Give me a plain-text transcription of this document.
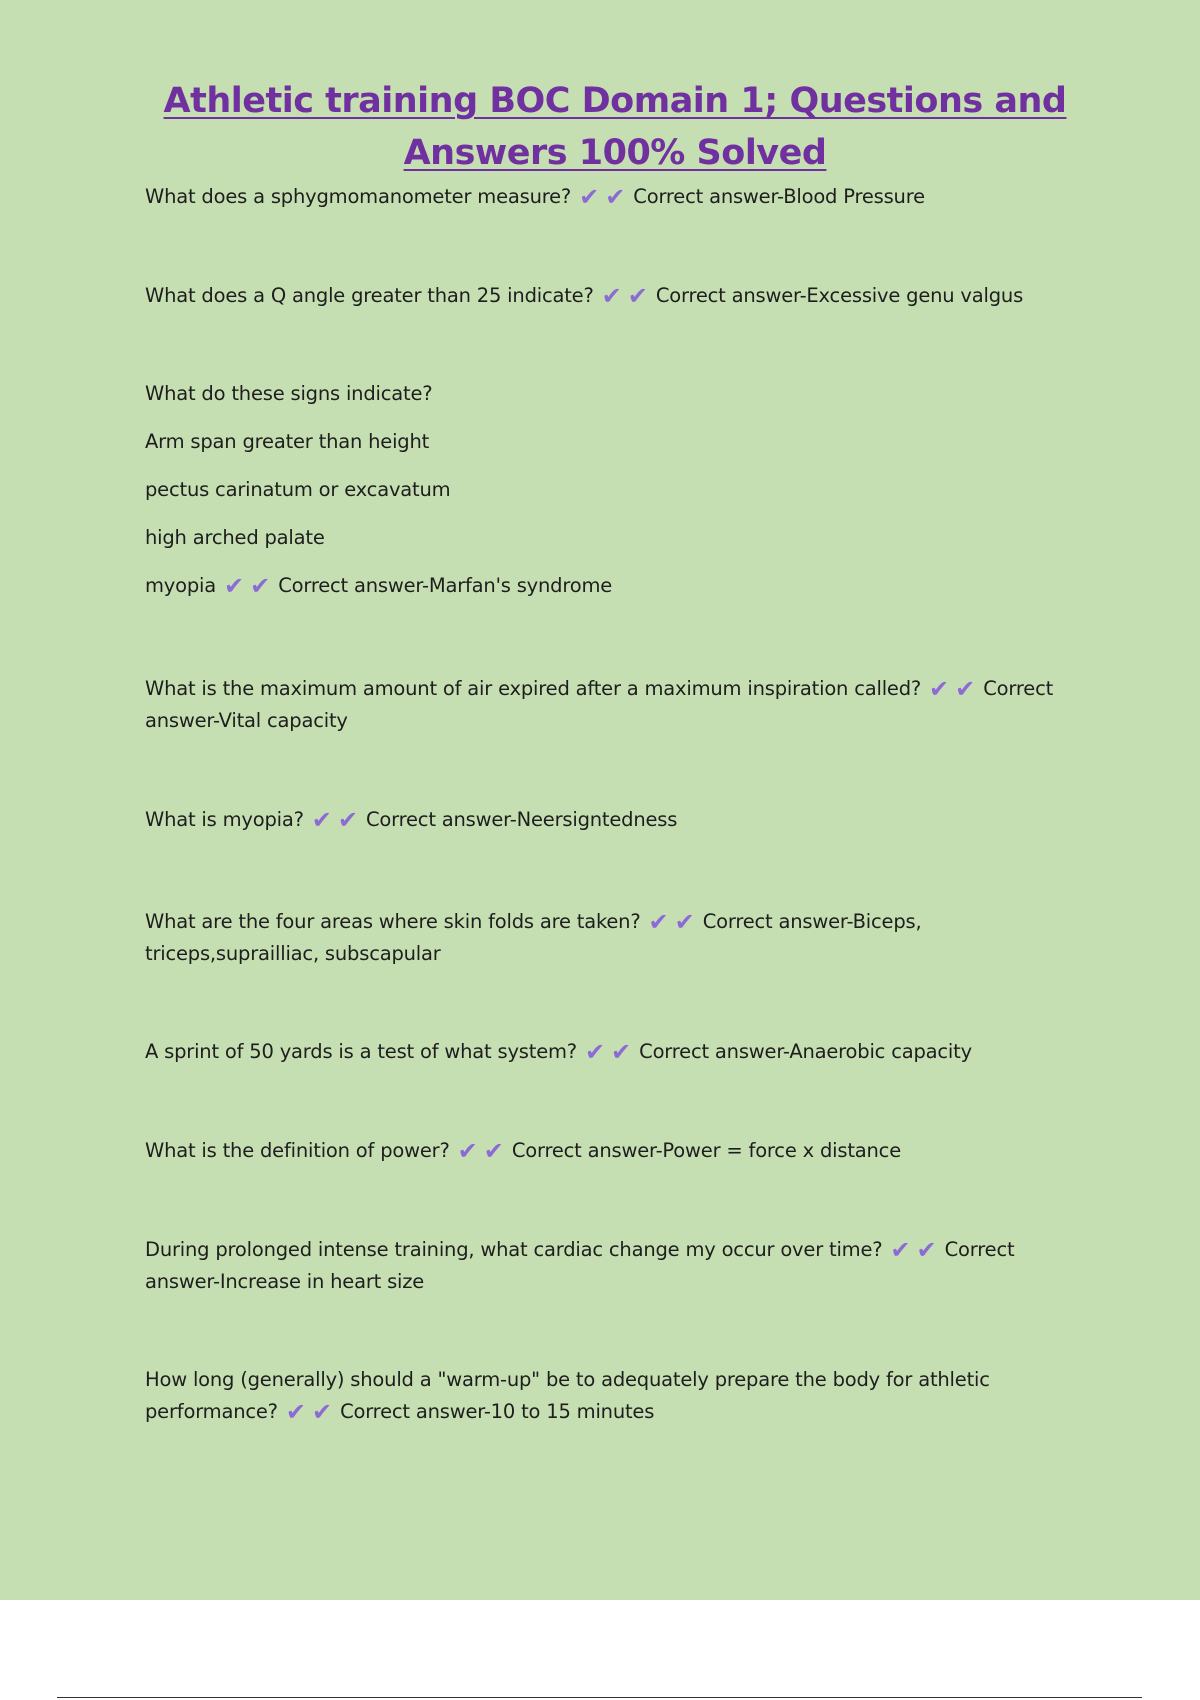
Athletic training BOC Domain 1; Questions and Answers 100% Solved

What does a sphygmomanometer measure? ✔✔ Correct answer-Blood Pressure

What does a Q angle greater than 25 indicate? ✔✔ Correct answer-Excessive genu valgus

What do these signs indicate?
Arm span greater than height
pectus carinatum or excavatum
high arched palate
myopia ✔✔ Correct answer-Marfan's syndrome

What is the maximum amount of air expired after a maximum inspiration called? ✔✔ Correct answer-Vital capacity

What is myopia? ✔✔ Correct answer-Neersigntedness

What are the four areas where skin folds are taken? ✔✔ Correct answer-Biceps, triceps,suprailliac, subscapular

A sprint of 50 yards is a test of what system? ✔✔ Correct answer-Anaerobic capacity

What is the definition of power? ✔✔ Correct answer-Power = force x distance

During prolonged intense training, what cardiac change my occur over time? ✔✔ Correct answer-Increase in heart size

How long (generally) should a "warm-up" be to adequately prepare the body for athletic performance? ✔✔ Correct answer-10 to 15 minutes
